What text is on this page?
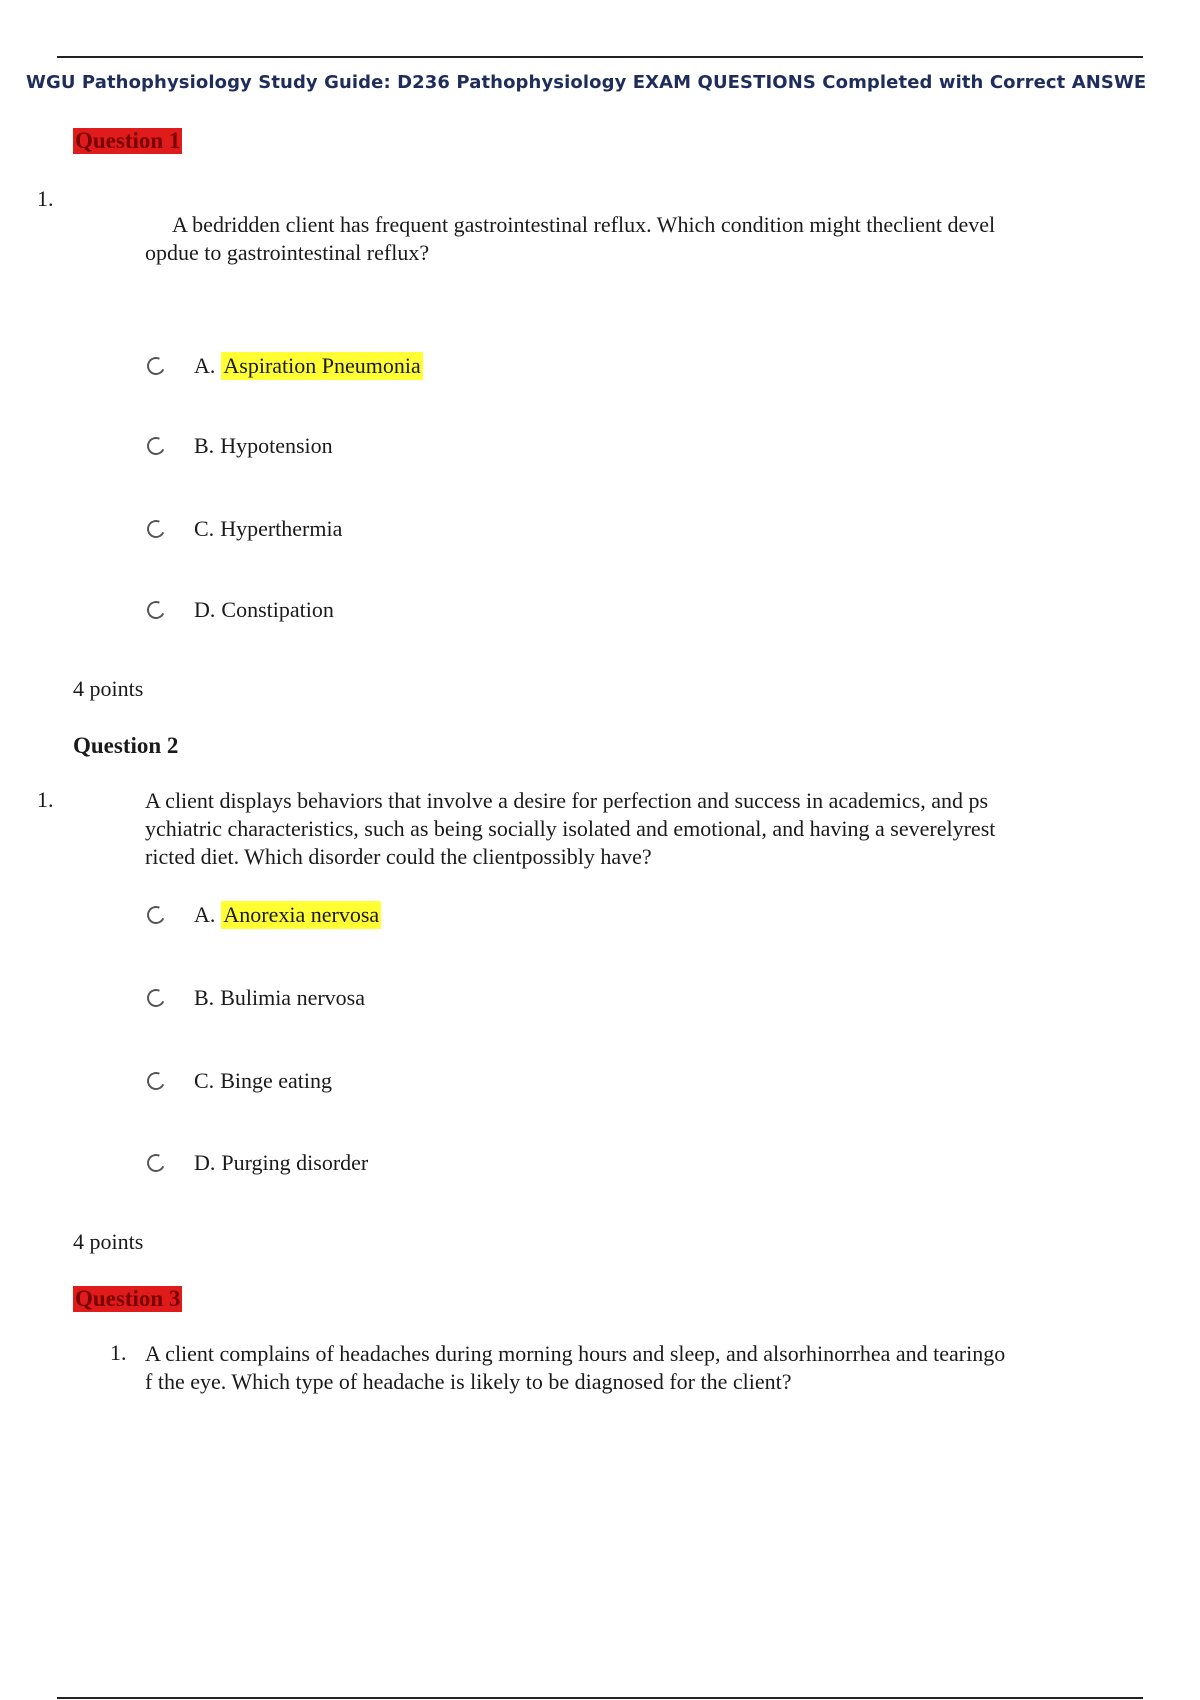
WGU Pathophysiology Study Guide: D236 Pathophysiology EXAM QUESTIONS Completed with Correct ANSWE
Question 1
1.
A bedridden client has frequent gastrointestinal reflux. Which condition might theclient devel
opdue to gastrointestinal reflux?
A. Aspiration Pneumonia
B. Hypotension
C. Hyperthermia
D. Constipation
4 points
Question 2
1.	A client displays behaviors that involve a desire for perfection and success in academics, and ps
ychiatric characteristics, such as being socially isolated and emotional, and having a severelyrest
ricted diet. Which disorder could the clientpossibly have?
A. Anorexia nervosa
B. Bulimia nervosa
C. Binge eating
D. Purging disorder
4 points
Question 3
1. A client complains of headaches during morning hours and sleep, and alsorhinorrhea and tearingo
f the eye. Which type of headache is likely to be diagnosed for the client?
